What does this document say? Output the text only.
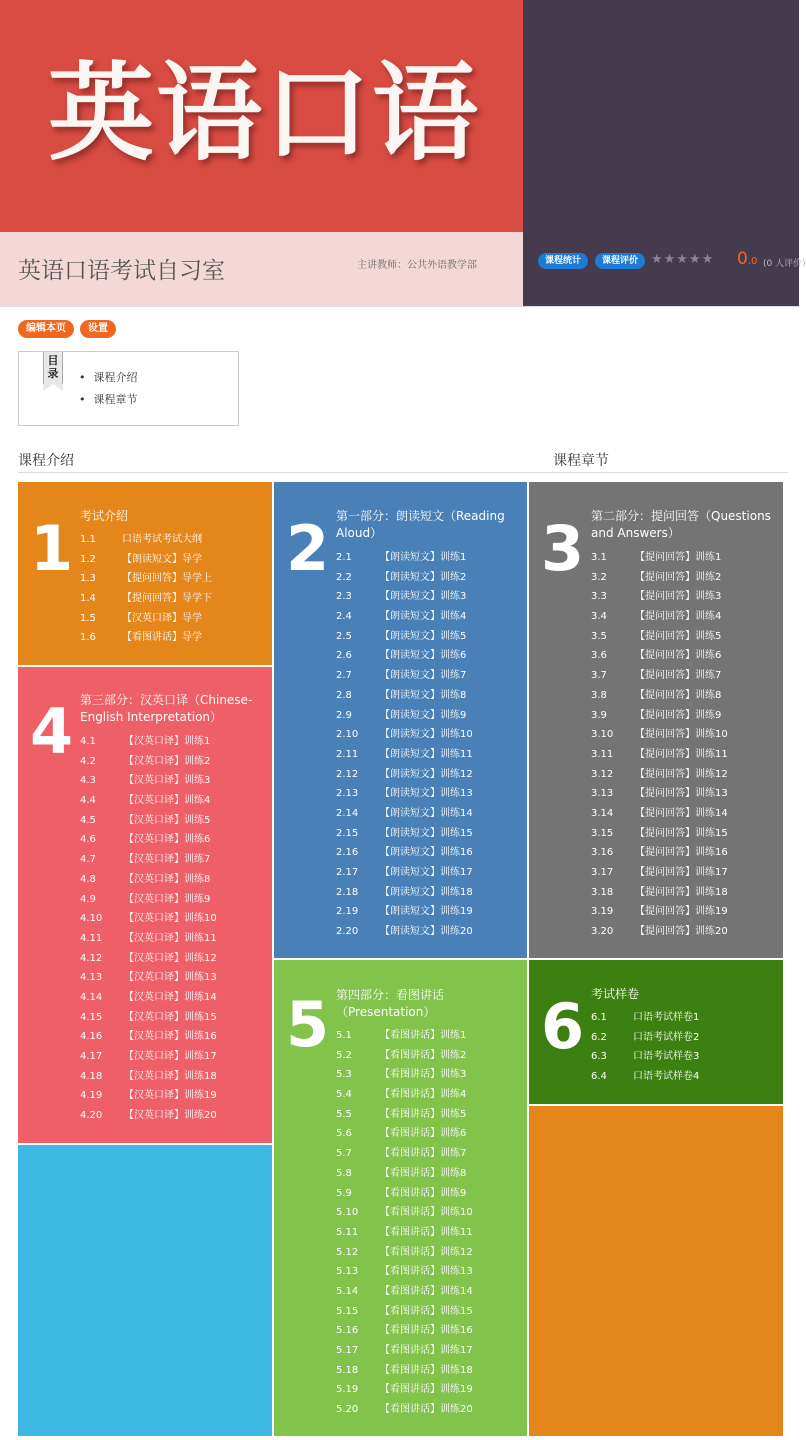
英语口语
英语口语考试自习室	主讲教师：公共外语教学部	课程统计	课程评价 ★★★★★ 0.0 (0 人评价)
编辑本页	设置
目录
•	课程介绍
• 课程章节
课程介绍	课程章节
1 考试介绍
1.1	口语考试考试大纲
1.2	【朗读短文】导学
1.3	【提问回答】导学上
1.4	【提问回答】导学下
1.5	【汉英口译】导学
1.6	【看图讲话】导学
4 第三部分：汉英口译（Chinese-English Interpretation）
4.1	【汉英口译】训练1
4.2	【汉英口译】训练2
4.3	【汉英口译】训练3
4.4	【汉英口译】训练4
4.5	【汉英口译】训练5
4.6	【汉英口译】训练6
4.7	【汉英口译】训练7
4.8	【汉英口译】训练8
4.9	【汉英口译】训练9
4.10 【汉英口译】训练10
4.11 【汉英口译】训练11
4.12 【汉英口译】训练12
4.13 【汉英口译】训练13
4.14 【汉英口译】训练14
4.15 【汉英口译】训练15
4.16 【汉英口译】训练16
4.17 【汉英口译】训练17
4.18 【汉英口译】训练18
4.19 【汉英口译】训练19
4.20 【汉英口译】训练20
2 第一部分：朗读短文（Reading Aloud）
2.1	【朗读短文】训练1
2.2	【朗读短文】训练2
2.3	【朗读短文】训练3
2.4	【朗读短文】训练4
2.5	【朗读短文】训练5
2.6	【朗读短文】训练6
2.7	【朗读短文】训练7
2.8	【朗读短文】训练8
2.9	【朗读短文】训练9
2.10 【朗读短文】训练10
2.11 【朗读短文】训练11
2.12 【朗读短文】训练12
2.13 【朗读短文】训练13
2.14 【朗读短文】训练14
2.15 【朗读短文】训练15
2.16 【朗读短文】训练16
2.17 【朗读短文】训练17
2.18 【朗读短文】训练18
2.19 【朗读短文】训练19
2.20 【朗读短文】训练20
5 第四部分：看图讲话（Presentation）
5.1	【看图讲话】训练1
5.2	【看图讲话】训练2
5.3	【看图讲话】训练3
5.4	【看图讲话】训练4
5.5	【看图讲话】训练5
5.6	【看图讲话】训练6
5.7	【看图讲话】训练7
5.8	【看图讲话】训练8
5.9	【看图讲话】训练9
5.10 【看图讲话】训练10
5.11 【看图讲话】训练11
5.12 【看图讲话】训练12
5.13 【看图讲话】训练13
5.14 【看图讲话】训练14
5.15 【看图讲话】训练15
5.16 【看图讲话】训练16
5.17 【看图讲话】训练17
5.18 【看图讲话】训练18
5.19 【看图讲话】训练19
5.20 【看图讲话】训练20
3 第二部分：提问回答（Questions and Answers）
3.1	【提问回答】训练1
3.2	【提问回答】训练2
3.3	【提问回答】训练3
3.4	【提问回答】训练4
3.5	【提问回答】训练5
3.6	【提问回答】训练6
3.7	【提问回答】训练7
3.8	【提问回答】训练8
3.9	【提问回答】训练9
3.10 【提问回答】训练10
3.11 【提问回答】训练11
3.12 【提问回答】训练12
3.13 【提问回答】训练13
3.14 【提问回答】训练14
3.15 【提问回答】训练15
3.16 【提问回答】训练16
3.17 【提问回答】训练17
3.18 【提问回答】训练18
3.19 【提问回答】训练19
3.20 【提问回答】训练20
6 考试样卷
6.1	口语考试样卷1
6.2	口语考试样卷2
6.3	口语考试样卷3
6.4	口语考试样卷4
